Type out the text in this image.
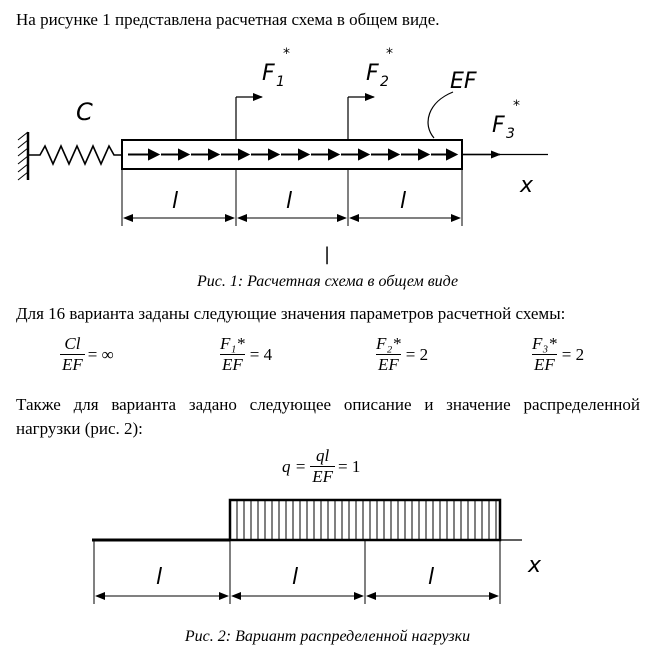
На рисунке 1 представлена расчетная схема в общем виде.
C
x
F 1
*
F 2
*
EF
F 3
*
l	l	l
|
Рис. 1: Расчетная схема в общем виде
Для 16 варианта заданы следующие значения параметров расчетной схемы:
$\frac{Cl}{EF}$ = ∞	$\frac{\text{F₁*}}{EF} = 4$	$\frac{\text{F₂*}}{EF} = 2$	$\frac{\text{F₃*}}{EF} = 2$
Также для варианта задано следующее описание и значение распределенной нагрузки (рис. 2):
$q = \frac{ql}{EF} = 1$
x
l	l	l
Рис. 2: Вариант распределенной нагрузки
